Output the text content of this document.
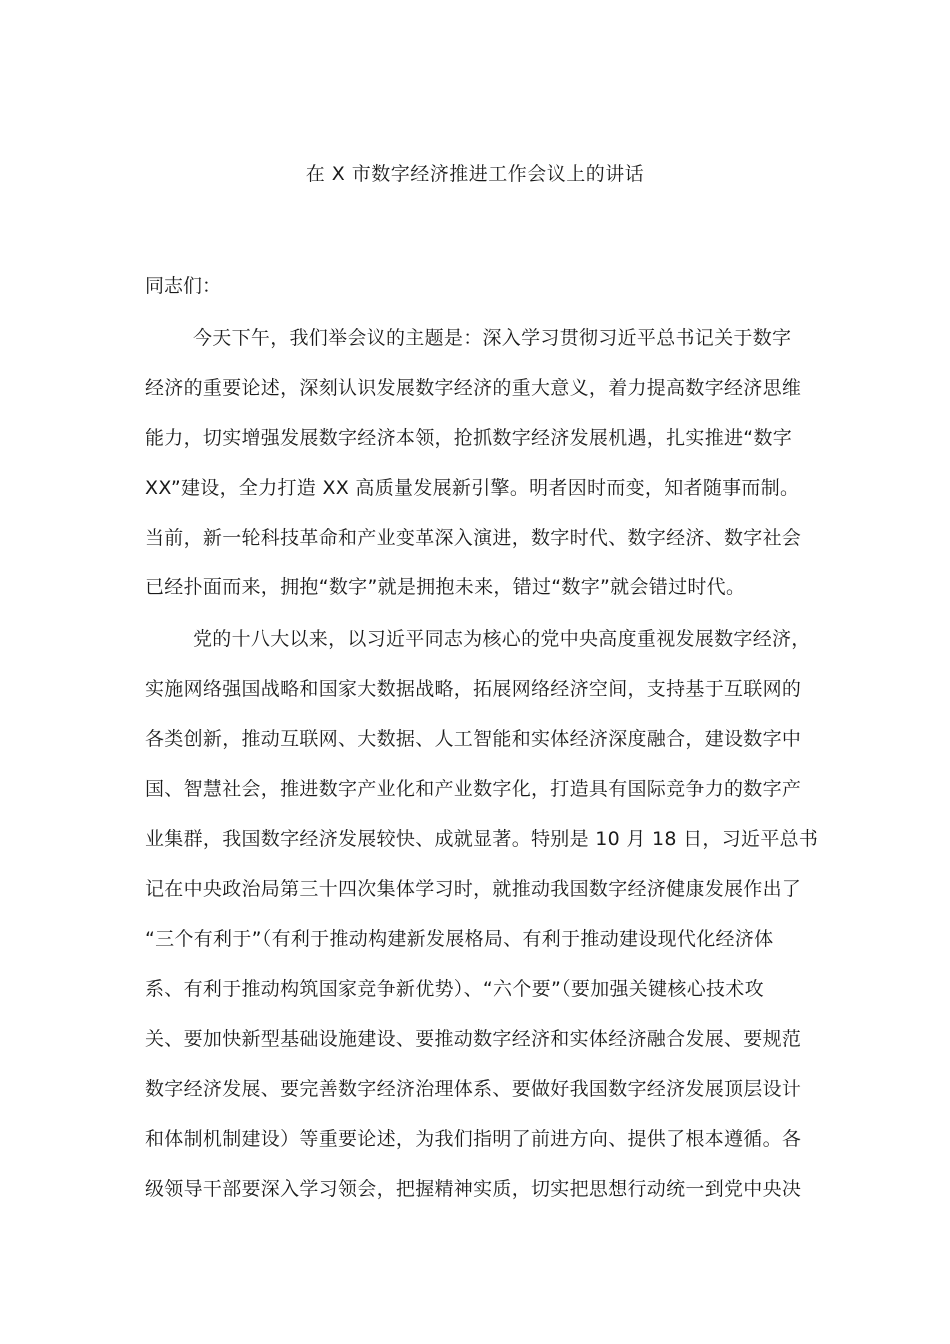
在 X 市数字经济推进工作会议上的讲话
同志们：
今天下午，我们举会议的主题是：深入学习贯彻习近平总书记关于数字
经济的重要论述，深刻认识发展数字经济的重大意义，着力提高数字经济思维
能力，切实增强发展数字经济本领，抢抓数字经济发展机遇，扎实推进“数字
XX”建设，全力打造 XX 高质量发展新引擎。明者因时而变，知者随事而制。
当前，新一轮科技革命和产业变革深入演进，数字时代、数字经济、数字社会
已经扑面而来，拥抱“数字”就是拥抱未来，错过“数字”就会错过时代。
党的十八大以来，以习近平同志为核心的党中央高度重视发展数字经济，
实施网络强国战略和国家大数据战略，拓展网络经济空间，支持基于互联网的
各类创新，推动互联网、大数据、人工智能和实体经济深度融合，建设数字中
国、智慧社会，推进数字产业化和产业数字化，打造具有国际竞争力的数字产
业集群，我国数字经济发展较快、成就显著。特别是 10 月 18 日，习近平总书
记在中央政治局第三十四次集体学习时，就推动我国数字经济健康发展作出了
“三个有利于”（有利于推动构建新发展格局、有利于推动建设现代化经济体
系、有利于推动构筑国家竞争新优势）、“六个要”（要加强关键核心技术攻
关、要加快新型基础设施建设、要推动数字经济和实体经济融合发展、要规范
数字经济发展、要完善数字经济治理体系、要做好我国数字经济发展顶层设计
和体制机制建设）等重要论述，为我们指明了前进方向、提供了根本遵循。各
级领导干部要深入学习领会，把握精神实质，切实把思想行动统一到党中央决
